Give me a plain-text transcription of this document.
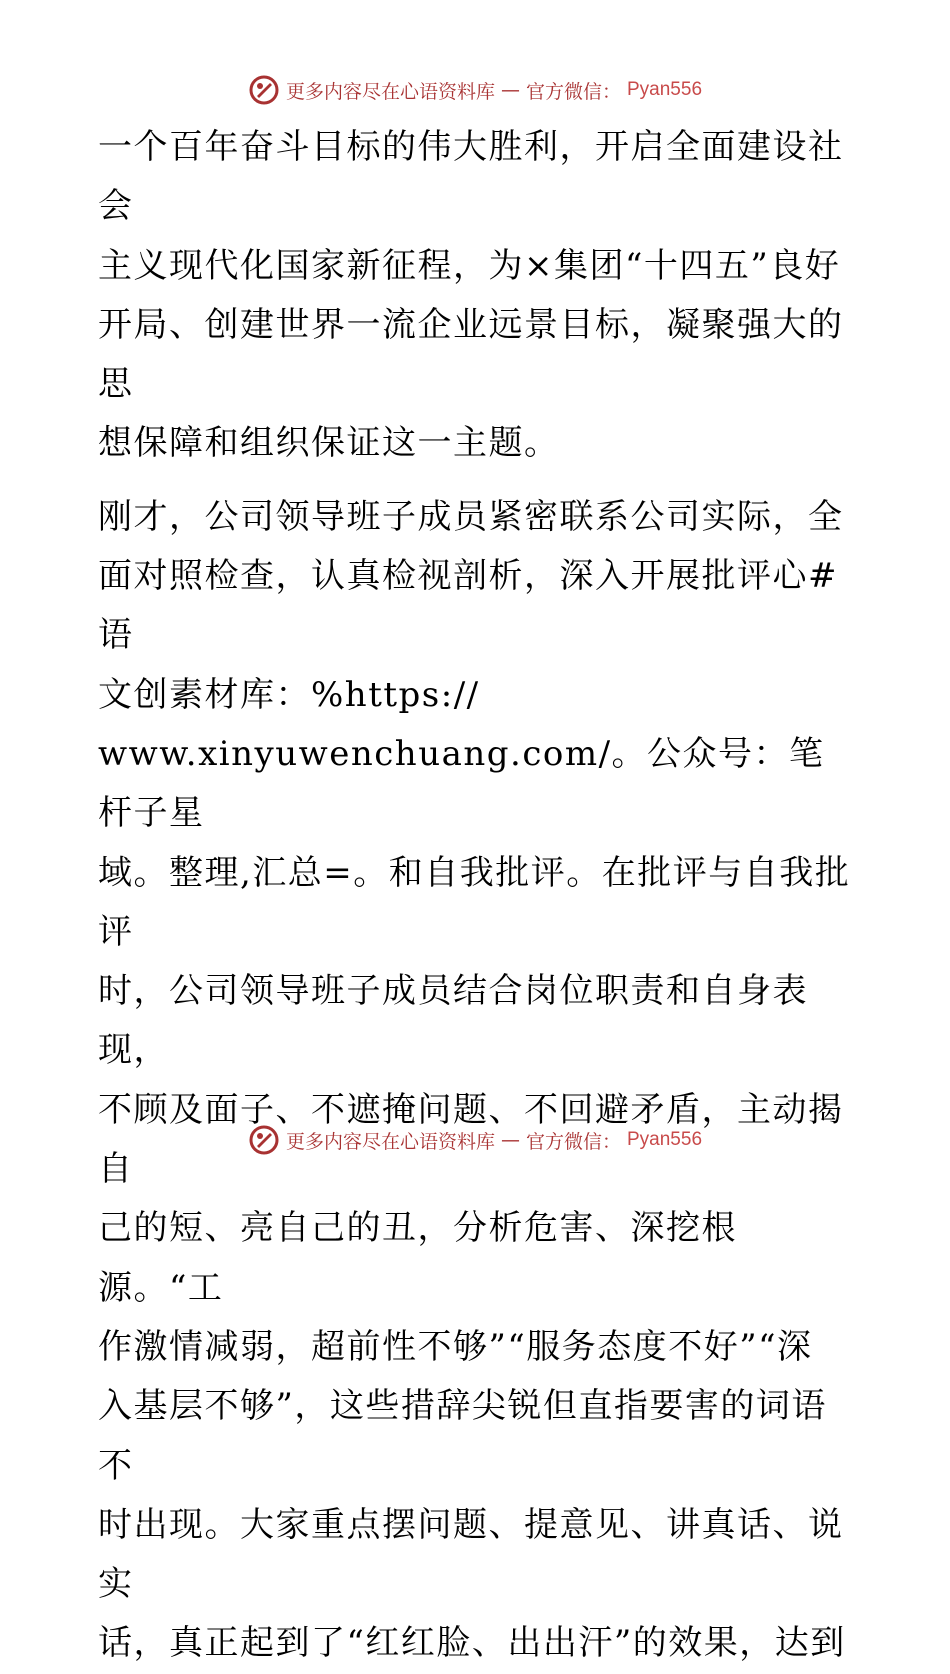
更多内容尽在心语资料库 — 官方微信： Pyan556

一个百年奋斗目标的伟大胜利，开启全面建设社会
主义现代化国家新征程，为×集团“十四五”良好
开局、创建世界一流企业远景目标，凝聚强大的思
想保障和组织保证这一主题。

刚才，公司领导班子成员紧密联系公司实际，全
面对照检查，认真检视剖析，深入开展批评心#语
文创素材库：%https://
www.xinyuwenchuang.com/。公众号：笔杆子星
域。整理,汇总=。和自我批评。在批评与自我批评
时，公司领导班子成员结合岗位职责和自身表现，
不顾及面子、不遮掩问题、不回避矛盾，主动揭自
己的短、亮自己的丑，分析危害、深挖根源。“工
作激情减弱，超前性不够”“服务态度不好”“深
入基层不够”，这些措辞尖锐但直指要害的词语不
时出现。大家重点摆问题、提意见、讲真话、说实
话，真正起到了“红红脸、出出汗”的效果，达到

更多内容尽在心语资料库 — 官方微信： Pyan556
